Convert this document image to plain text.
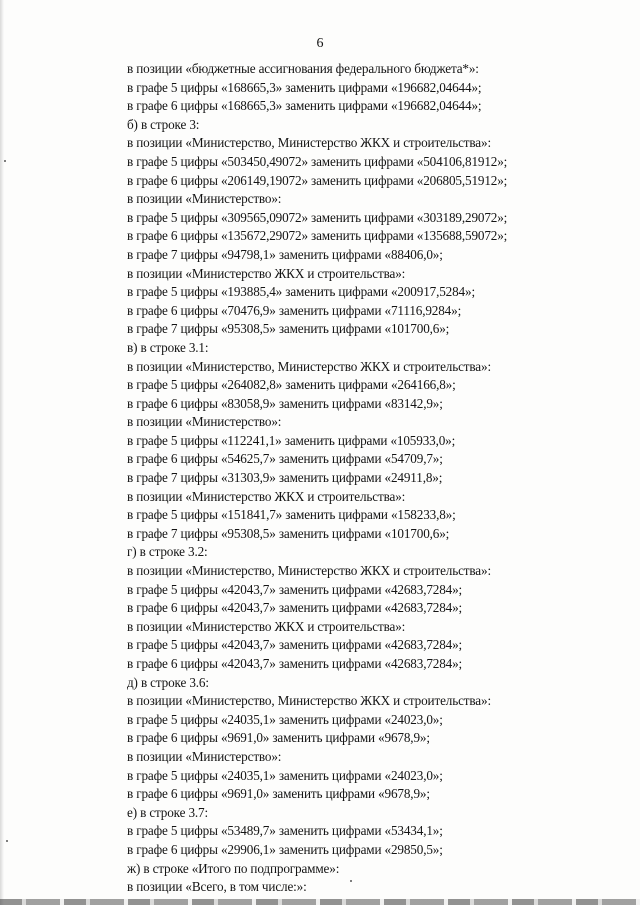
6
в позиции «бюджетные ассигнования федерального бюджета*»:
в графе 5 цифры «168665,3» заменить цифрами «196682,04644»;
в графе 6 цифры «168665,3» заменить цифрами «196682,04644»;
б) в строке 3:
в позиции «Министерство, Министерство ЖКХ и строительства»:
в графе 5 цифры «503450,49072» заменить цифрами «504106,81912»;
в графе 6 цифры «206149,19072» заменить цифрами «206805,51912»;
в позиции «Министерство»:
в графе 5 цифры «309565,09072» заменить цифрами «303189,29072»;
в графе 6 цифры «135672,29072» заменить цифрами «135688,59072»;
в графе 7 цифры «94798,1» заменить цифрами «88406,0»;
в позиции «Министерство ЖКХ и строительства»:
в графе 5 цифры «193885,4» заменить цифрами «200917,5284»;
в графе 6 цифры «70476,9» заменить цифрами «71116,9284»;
в графе 7 цифры «95308,5» заменить цифрами «101700,6»;
в) в строке 3.1:
в позиции «Министерство, Министерство ЖКХ и строительства»:
в графе 5 цифры «264082,8» заменить цифрами «264166,8»;
в графе 6 цифры «83058,9» заменить цифрами «83142,9»;
в позиции «Министерство»:
в графе 5 цифры «112241,1» заменить цифрами «105933,0»;
в графе 6 цифры «54625,7» заменить цифрами «54709,7»;
в графе 7 цифры «31303,9» заменить цифрами «24911,8»;
в позиции «Министерство ЖКХ и строительства»:
в графе 5 цифры «151841,7» заменить цифрами «158233,8»;
в графе 7 цифры «95308,5» заменить цифрами «101700,6»;
г) в строке 3.2:
в позиции «Министерство, Министерство ЖКХ и строительства»:
в графе 5 цифры «42043,7» заменить цифрами «42683,7284»;
в графе 6 цифры «42043,7» заменить цифрами «42683,7284»;
в позиции «Министерство ЖКХ и строительства»:
в графе 5 цифры «42043,7» заменить цифрами «42683,7284»;
в графе 6 цифры «42043,7» заменить цифрами «42683,7284»;
д) в строке 3.6:
в позиции «Министерство, Министерство ЖКХ и строительства»:
в графе 5 цифры «24035,1» заменить цифрами «24023,0»;
в графе 6 цифры «9691,0» заменить цифрами «9678,9»;
в позиции «Министерство»:
в графе 5 цифры «24035,1» заменить цифрами «24023,0»;
в графе 6 цифры «9691,0» заменить цифрами «9678,9»;
е) в строке 3.7:
в графе 5 цифры «53489,7» заменить цифрами «53434,1»;
в графе 6 цифры «29906,1» заменить цифрами «29850,5»;
ж) в строке «Итого по подпрограмме»:
в позиции «Всего, в том числе:»:
